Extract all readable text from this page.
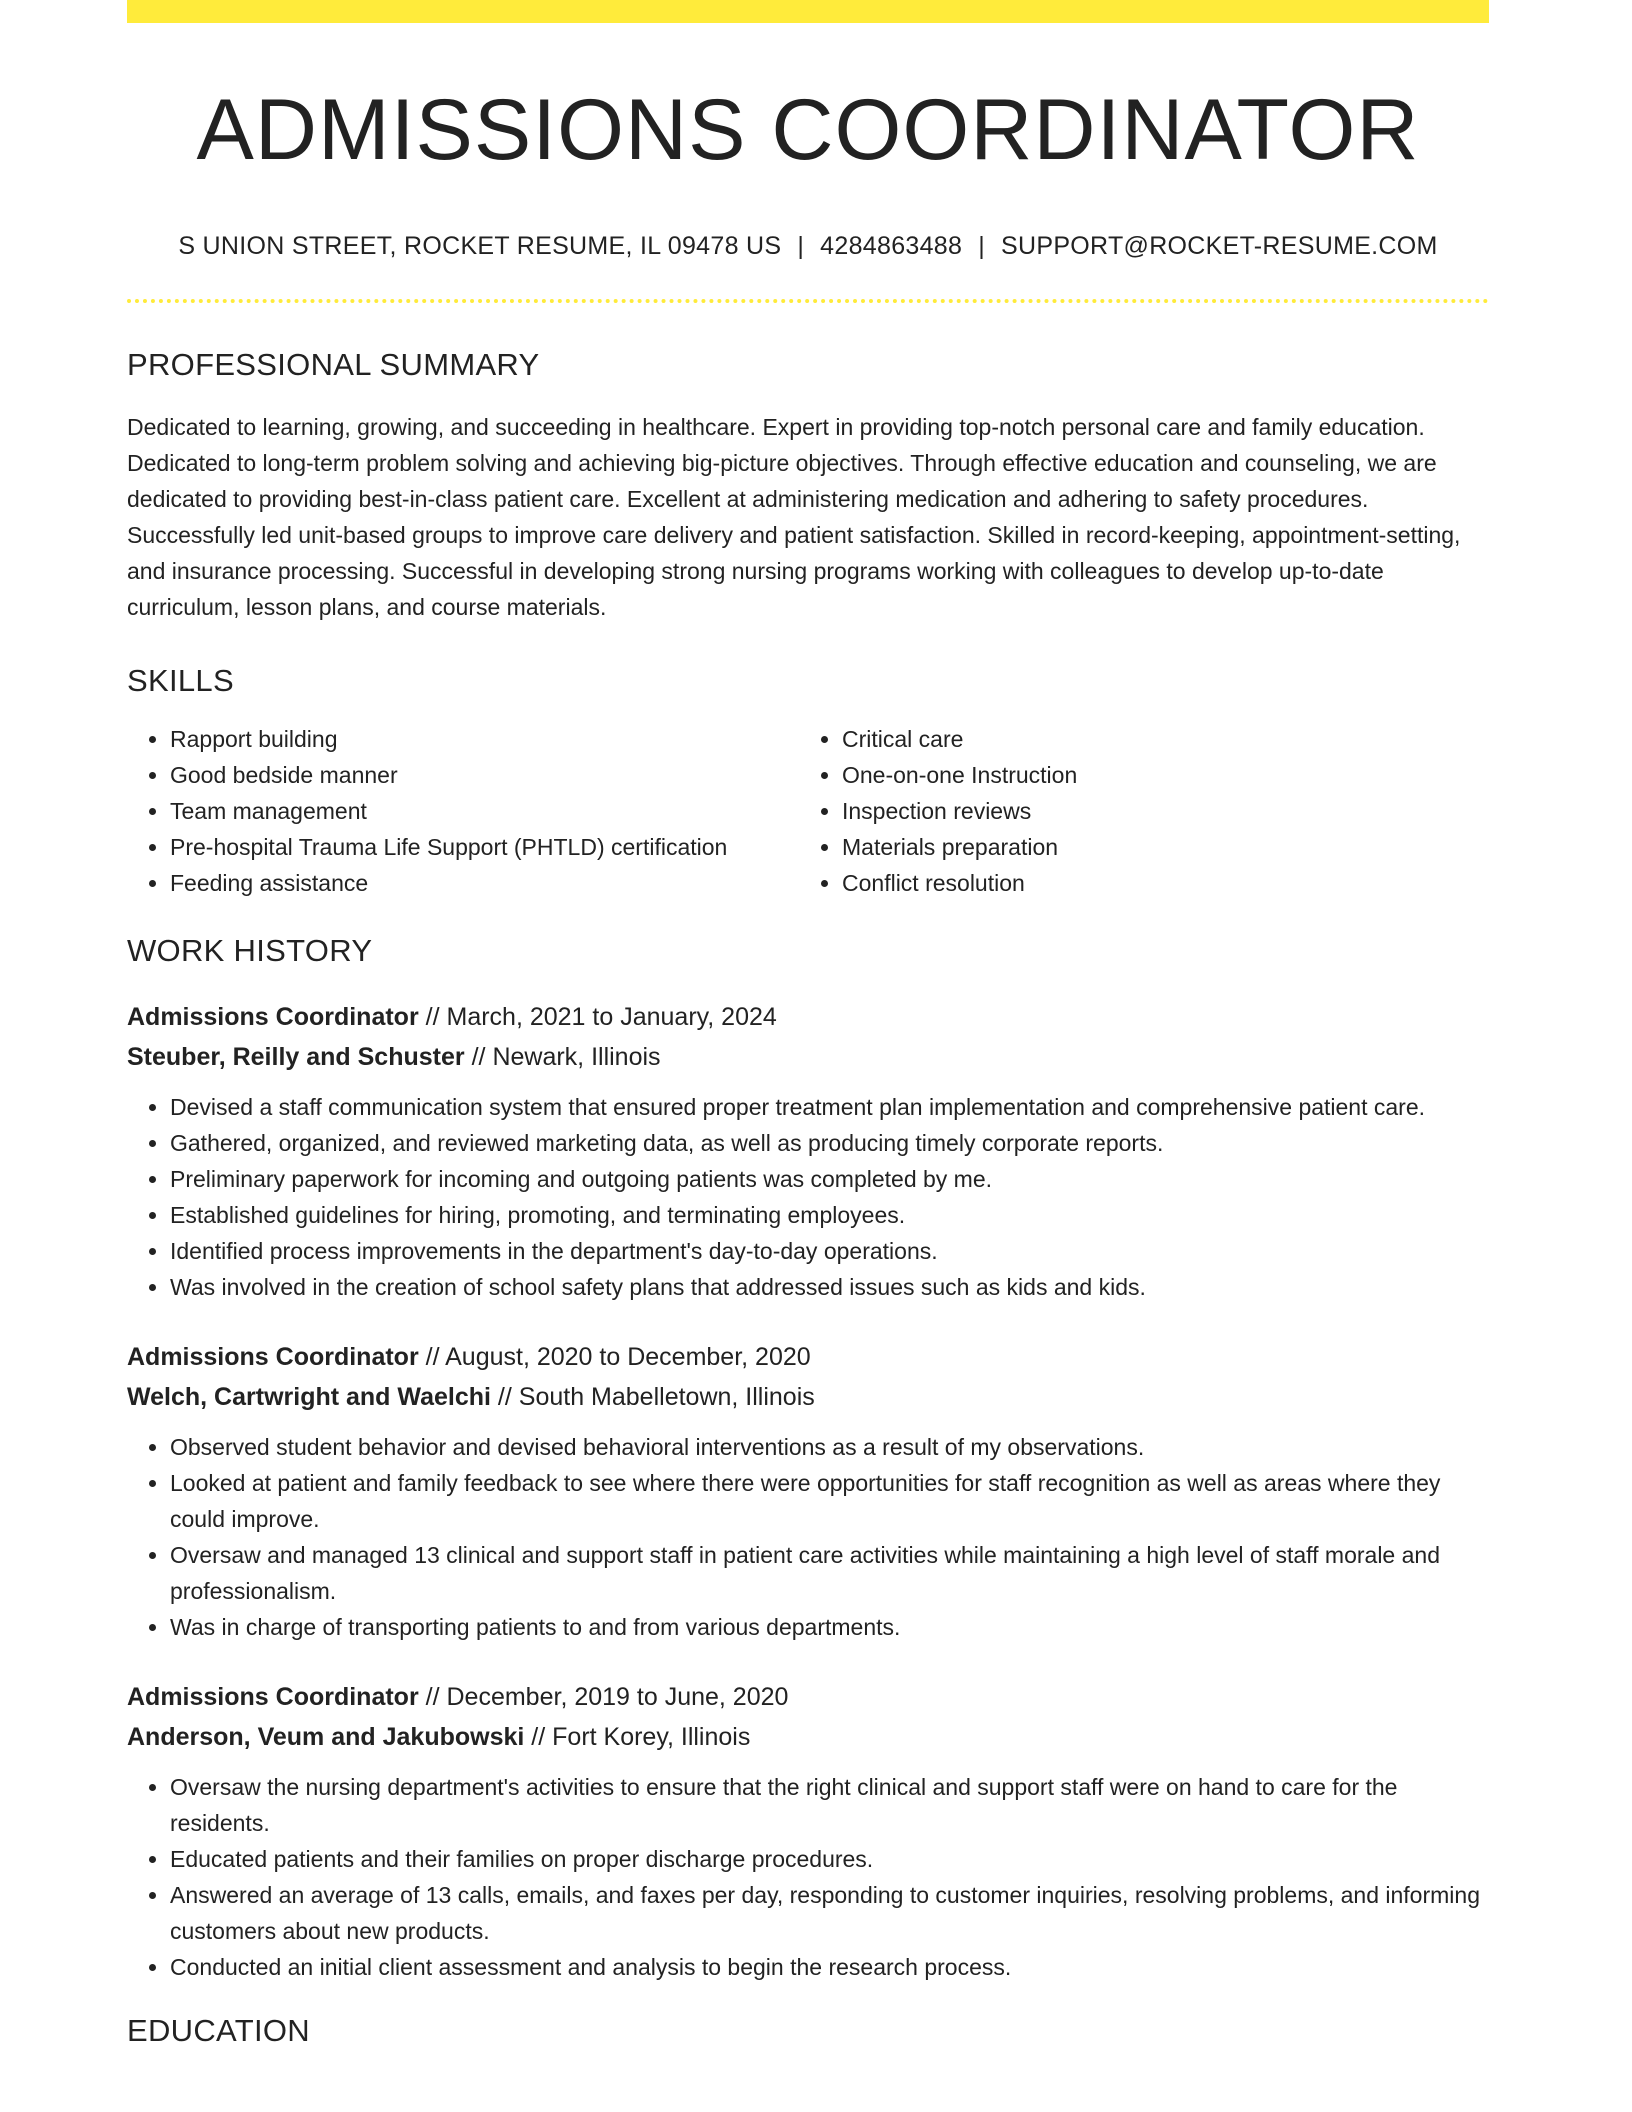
ADMISSIONS COORDINATOR
S UNION STREET, ROCKET RESUME, IL 09478 US | 4284863488 | SUPPORT@ROCKET-RESUME.COM
PROFESSIONAL SUMMARY
Dedicated to learning, growing, and succeeding in healthcare. Expert in providing top-notch personal care and family education. Dedicated to long-term problem solving and achieving big-picture objectives. Through effective education and counseling, we are dedicated to providing best-in-class patient care. Excellent at administering medication and adhering to safety procedures. Successfully led unit-based groups to improve care delivery and patient satisfaction. Skilled in record-keeping, appointment-setting, and insurance processing. Successful in developing strong nursing programs working with colleagues to develop up-to-date curriculum, lesson plans, and course materials.
SKILLS
• Rapport building
• Good bedside manner
• Team management
• Pre-hospital Trauma Life Support (PHTLD) certification
• Feeding assistance
• Critical care
• One-on-one Instruction
• Inspection reviews
• Materials preparation
• Conflict resolution
WORK HISTORY
Admissions Coordinator // March, 2021 to January, 2024
Steuber, Reilly and Schuster // Newark, Illinois
• Devised a staff communication system that ensured proper treatment plan implementation and comprehensive patient care.
• Gathered, organized, and reviewed marketing data, as well as producing timely corporate reports.
• Preliminary paperwork for incoming and outgoing patients was completed by me.
• Established guidelines for hiring, promoting, and terminating employees.
• Identified process improvements in the department's day-to-day operations.
• Was involved in the creation of school safety plans that addressed issues such as kids and kids.
Admissions Coordinator // August, 2020 to December, 2020
Welch, Cartwright and Waelchi // South Mabelletown, Illinois
• Observed student behavior and devised behavioral interventions as a result of my observations.
• Looked at patient and family feedback to see where there were opportunities for staff recognition as well as areas where they could improve.
• Oversaw and managed 13 clinical and support staff in patient care activities while maintaining a high level of staff morale and professionalism.
• Was in charge of transporting patients to and from various departments.
Admissions Coordinator // December, 2019 to June, 2020
Anderson, Veum and Jakubowski // Fort Korey, Illinois
• Oversaw the nursing department's activities to ensure that the right clinical and support staff were on hand to care for the residents.
• Educated patients and their families on proper discharge procedures.
• Answered an average of 13 calls, emails, and faxes per day, responding to customer inquiries, resolving problems, and informing customers about new products.
• Conducted an initial client assessment and analysis to begin the research process.
EDUCATION
